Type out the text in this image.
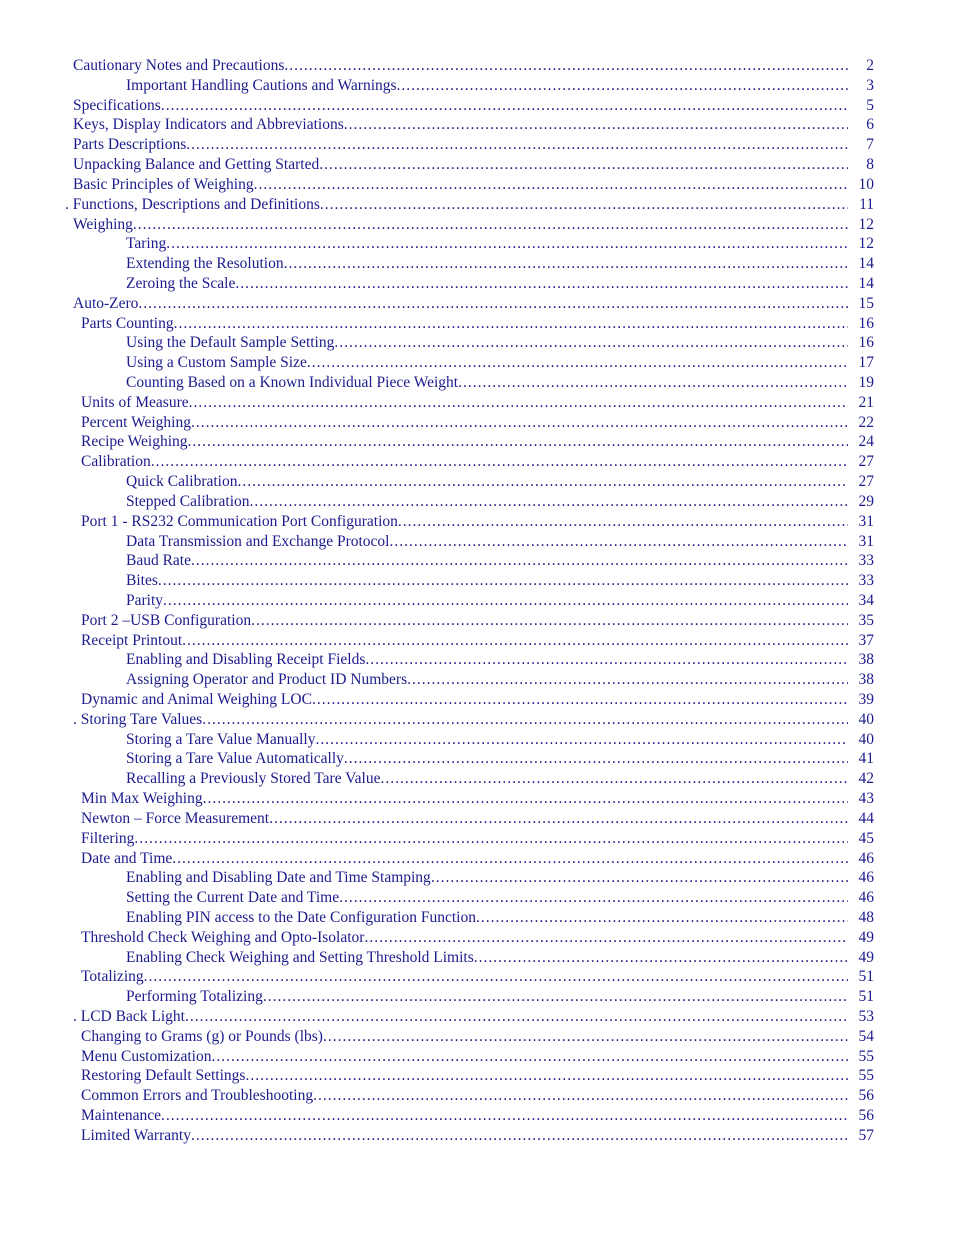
Cautionary Notes and Precautions .....	2
Important Handling Cautions and Warnings .....	3
Specifications .....	5
Keys, Display Indicators and Abbreviations .....	6
Parts Descriptions .....	7
Unpacking Balance and Getting Started .....	8
Basic Principles of Weighing .....	10
. Functions, Descriptions and Definitions .....	11
Weighing .....	12
Taring .....	12
Extending the Resolution .....	14
Zeroing the Scale .....	14
Auto-Zero .....	15
Parts Counting .....	16
Using the Default Sample Setting .....	16
Using a Custom Sample Size .....	17
Counting Based on a Known Individual Piece Weight .....	19
Units of Measure .....	21
Percent Weighing .....	22
Recipe Weighing .....	24
Calibration .....	27
Quick Calibration .....	27
Stepped Calibration .....	29
Port 1 - RS232 Communication Port Configuration .....	31
Data Transmission and Exchange Protocol .....	31
Baud Rate .....	33
Bites .....	33
Parity .....	34
Port 2 –USB Configuration .....	35
Receipt Printout .....	37
Enabling and Disabling Receipt Fields .....	38
Assigning Operator and Product ID Numbers .....	38
Dynamic and Animal Weighing LOC .....	39
. Storing Tare Values .....	40
Storing a Tare Value Manually .....	40
Storing a Tare Value Automatically .....	41
Recalling a Previously Stored Tare Value .....	42
Min Max Weighing .....	43
Newton – Force Measurement .....	44
Filtering .....	45
Date and Time .....	46
Enabling and Disabling Date and Time Stamping .....	46
Setting the Current Date and Time .....	46
Enabling PIN access to the Date Configuration Function .....	48
Threshold Check Weighing and Opto-Isolator .....	49
Enabling Check Weighing and Setting Threshold Limits .....	49
Totalizing .....	51
Performing Totalizing .....	51
. LCD Back Light .....	53
Changing to Grams (g) or Pounds (lbs) .....	54
Menu Customization .....	55
Restoring Default Settings .....	55
Common Errors and Troubleshooting .....	56
Maintenance .....	56
Limited Warranty .....	57
